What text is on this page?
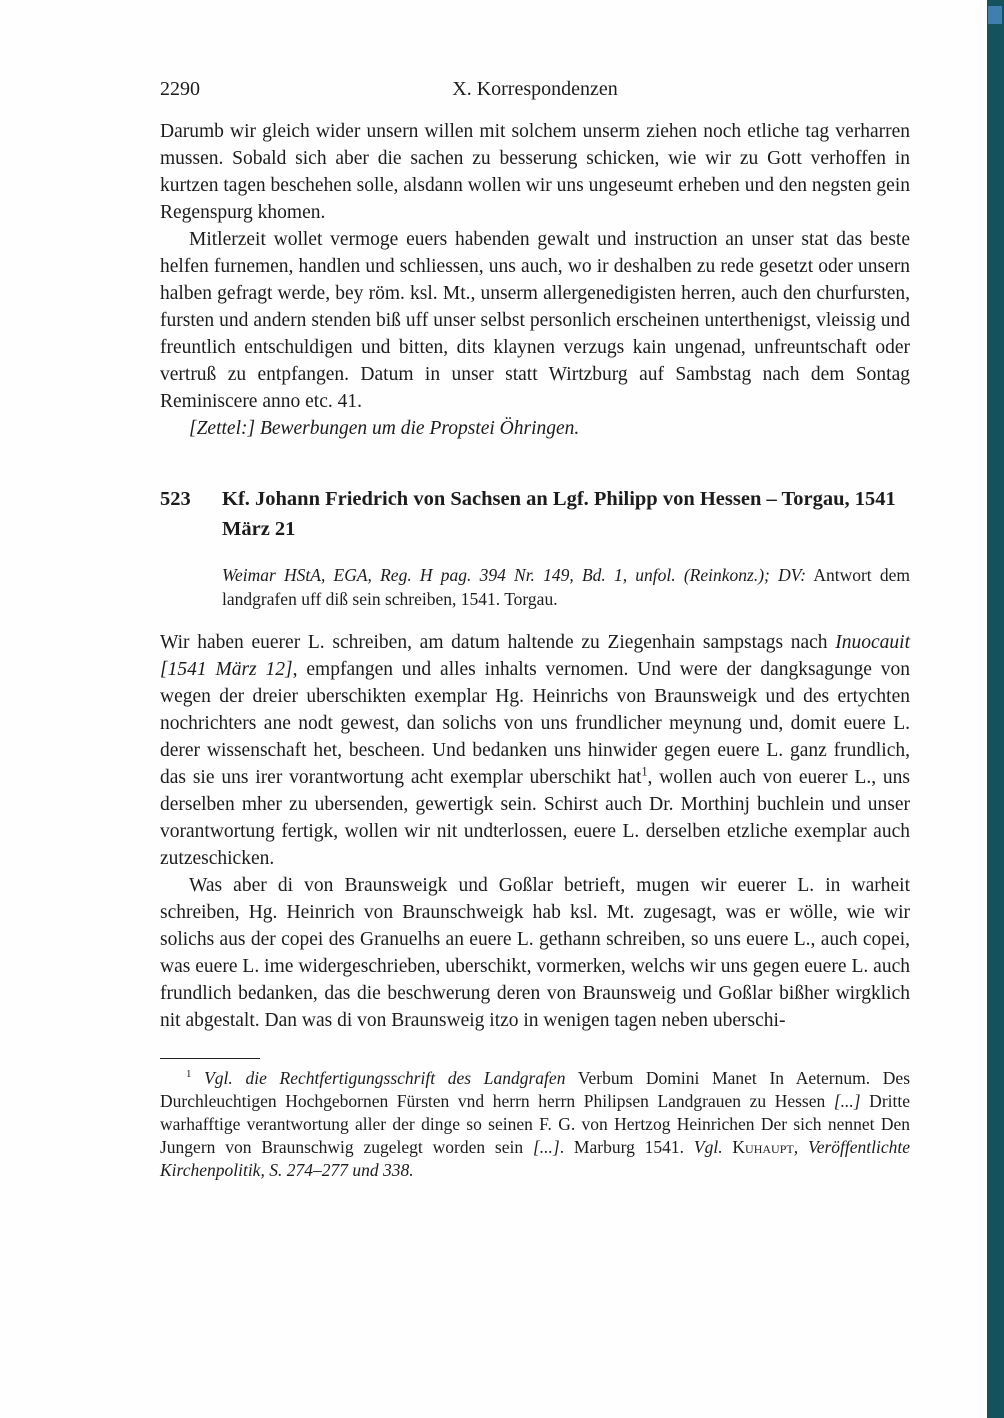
2290	X. Korrespondenzen

Darumb wir gleich wider unsern willen mit solchem unserm ziehen noch etliche tag verharren mussen. Sobald sich aber die sachen zu besserung schicken, wie wir zu Gott verhoffen in kurtzen tagen beschehen solle, alsdann wollen wir uns ungeseumt erheben und den negsten gein Regenspurg khomen.

Mitlerzeit wollet vermoge euers habenden gewalt und instruction an unser stat das beste helfen furnemen, handlen und schliessen, uns auch, wo ir deshalben zu rede gesetzt oder unsern halben gefragt werde, bey röm. ksl. Mt., unserm allergenedigisten herren, auch den churfursten, fursten und andern stenden biß uff unser selbst personlich erscheinen unterthenigst, vleissig und freuntlich entschuldigen und bitten, dits klaynen verzugs kain ungenad, unfreuntschaft oder vertruß zu entpfangen. Datum in unser statt Wirtzburg auf Sambstag nach dem Sontag Reminiscere anno etc. 41.

[Zettel:] Bewerbungen um die Propstei Öhringen.

523	Kf. Johann Friedrich von Sachsen an Lgf. Philipp von Hessen – Torgau, 1541 März 21

Weimar HStA, EGA, Reg. H pag. 394 Nr. 149, Bd. 1, unfol. (Reinkonz.); DV: Antwort dem landgrafen uff diß sein schreiben, 1541. Torgau.

Wir haben euerer L. schreiben, am datum haltende zu Ziegenhain sampstags nach Inuocauit [1541 März 12], empfangen und alles inhalts vernomen. Und were der dangksagunge von wegen der dreier uberschikten exemplar Hg. Heinrichs von Braunsweigk und des ertychten nochrichters ane nodt gewest, dan solichs von uns frundlicher meynung und, domit euere L. derer wissenschaft het, bescheen. Und bedanken uns hinwider gegen euere L. ganz frundlich, das sie uns irer vorantwortung acht exemplar uberschikt hat$^1$, wollen auch von euerer L., uns derselben mher zu ubersenden, gewertigk sein. Schirst auch Dr. Morthinj buchlein und unser vorantwortung fertigk, wollen wir nit undterlossen, euere L. derselben etzliche exemplar auch zutzeschicken.

Was aber di von Braunsweigk und Goßlar betrieft, mugen wir euerer L. in warheit schreiben, Hg. Heinrich von Braunschweigk hab ksl. Mt. zugesagt, was er wölle, wie wir solichs aus der copei des Granuelhs an euere L. gethann schreiben, so uns euere L., auch copei, was euere L. ime widergeschrieben, uberschikt, vormerken, welchs wir uns gegen euere L. auch frundlich bedanken, das die beschwerung deren von Braunsweig und Goßlar bißher wirgklich nit abgestalt. Dan was di von Braunsweig itzo in wenigen tagen neben uberschi-

$^1$ Vgl. die Rechtfertigungsschrift des Landgrafen Verbum Domini Manet In Aeternum. Des Durchleuchtigen Hochgebornen Fürsten vnd herrn herrn Philipsen Landgrauen zu Hessen [...] Dritte warhafftige verantwortung aller der dinge so seinen F. G. von Hertzog Heinrichen Der sich nennet Den Jungern von Braunschwig zugelegt worden sein [...]. Marburg 1541. Vgl. Kuhaupt, Veröffentlichte Kirchenpolitik, S. 274–277 und 338.
